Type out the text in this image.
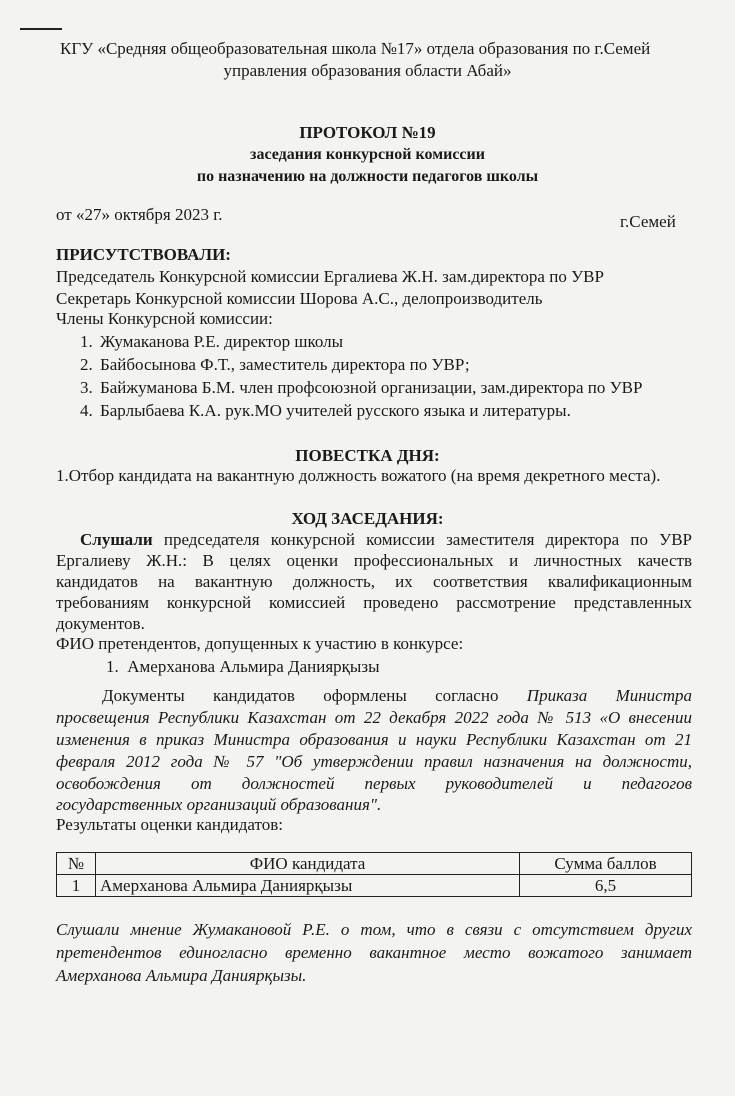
КГУ «Средняя общеобразовательная школа №17» отдела образования по г.Семей
управления образования области Абай»
ПРОТОКОЛ №19
заседания конкурсной комиссии
по назначению на должности педагогов школы
от «27» октября 2023 г.	г.Семей
ПРИСУТСТВОВАЛИ:
Председатель Конкурсной комиссии Ергалиева Ж.Н. зам.директора по УВР
Секретарь Конкурсной комиссии Шорова А.С., делопроизводитель
Члены Конкурсной комиссии:
1. Жумаканова Р.Е. директор школы
2. Байбосынова Ф.Т., заместитель директора по УВР;
3. Байжуманова Б.М. член профсоюзной организации, зам.директора по УВР
4. Барлыбаева К.А. рук.МО учителей русского языка и литературы.
ПОВЕСТКА ДНЯ:
1.Отбор кандидата на вакантную должность вожатого (на время декретного места).
ХОД ЗАСЕДАНИЯ:
Слушали председателя конкурсной комиссии заместителя директора по УВР
Ергалиеву Ж.Н.: В целях оценки профессиональных и личностных качеств
кандидатов на вакантную должность, их соответствия квалификационным
требованиям конкурсной комиссией проведено рассмотрение представленных
документов.
ФИО претендентов, допущенных к участию в конкурсе:
1. Амерханова Альмира Даниярқызы
Документы кандидатов оформлены согласно Приказа Министра
просвещения Республики Казахстан от 22 декабря 2022 года № 513 «О внесении
изменения в приказ Министра образования и науки Республики Казахстан от 21
февраля 2012 года № 57 "Об утверждении правил назначения на должности,
освобождения от должностей первых руководителей и педагогов
государственных организаций образования".
Результаты оценки кандидатов:
№	ФИО кандидата	Сумма баллов
1	Амерханова Альмира Даниярқызы	6,5
Слушали мнение Жумакановой Р.Е. о том, что в связи с отсутствием других
претендентов единогласно временно вакантное место вожатого занимает
Амерханова Альмира Даниярқызы.
